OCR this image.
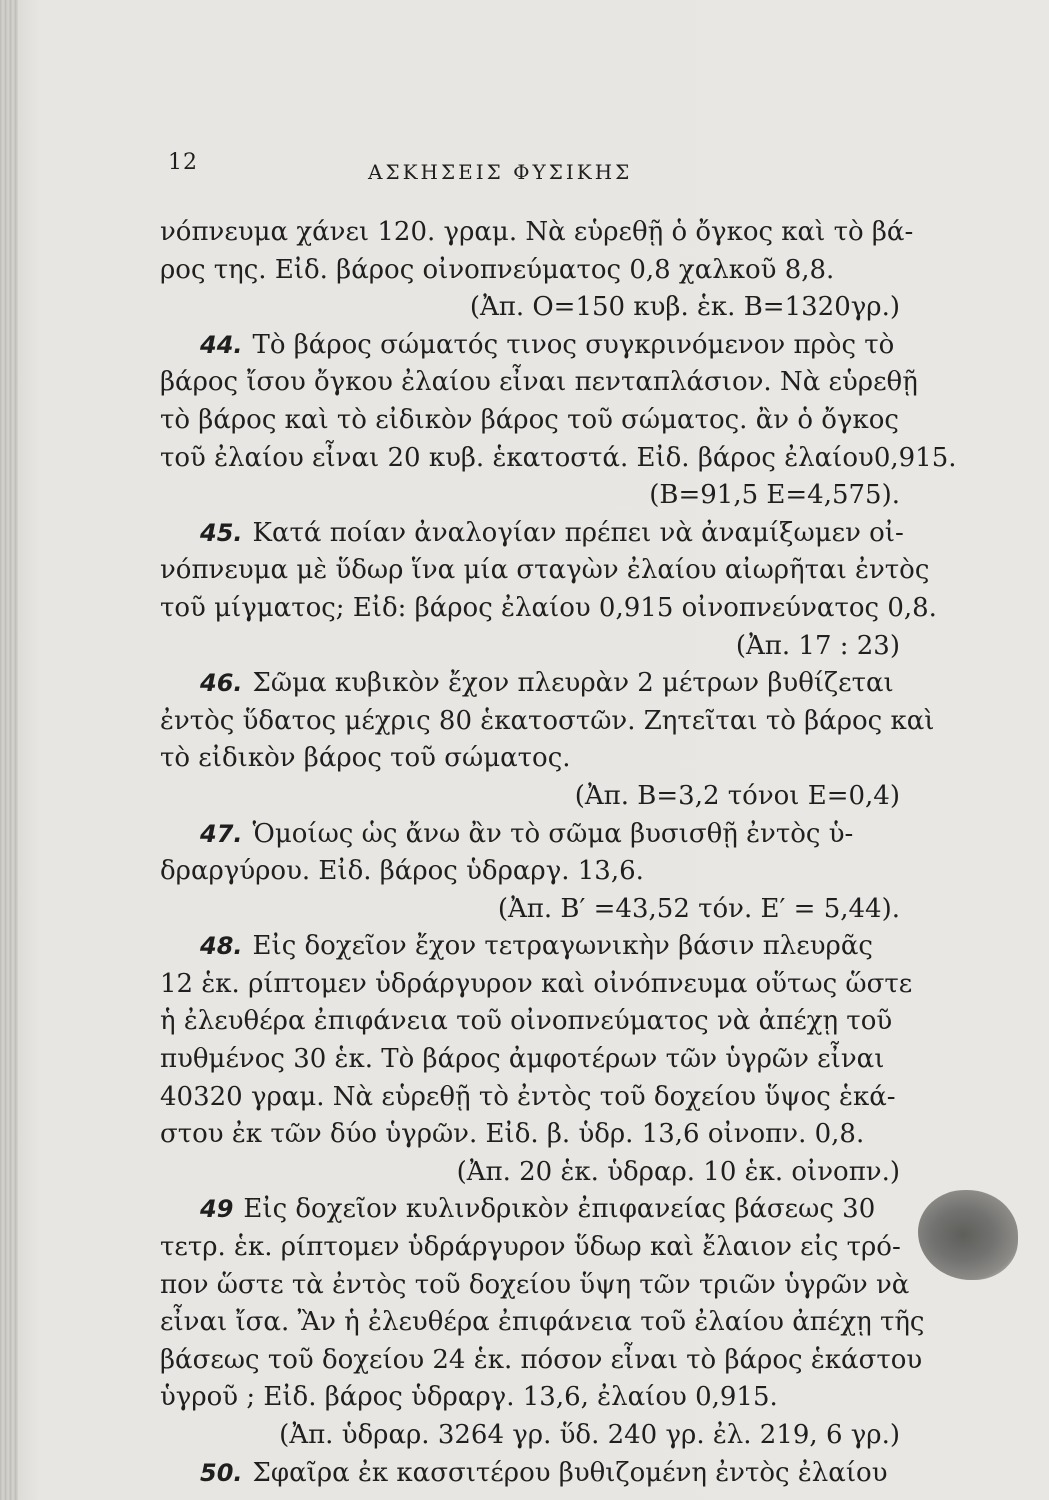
12	ΑΣΚΗΣΕΙΣ ΦΥΣΙΚΗΣ
νόπνευμα χάνει 120. γραμ. Νὰ εὑρεθῇ ὁ ὄγκος καὶ τὸ βά-
ρος της. Εἰδ. βάρος οἰνοπνεύματος 0,8 χαλκοῦ 8,8.
(Ἀπ. Ο=150 κυβ. ἑκ. Β=1320γρ.)
44. Τὸ βάρος σώματός τινος συγκρινόμενον πρὸς τὸ
βάρος ἴσου ὄγκου ἐλαίου εἶναι πενταπλάσιον. Νὰ εὑρεθῇ
τὸ βάρος καὶ τὸ εἰδικὸν βάρος τοῦ σώματος. ἂν ὁ ὄγκος
τοῦ ἐλαίου εἶναι 20 κυβ. ἑκατοστά. Εἰδ. βάρος ἐλαίου0,915.
(Β=91,5 Ε=4,575).
45. Κατά ποίαν ἀναλογίαν πρέπει νὰ ἀναμίξωμεν οἰ-
νόπνευμα μὲ ὕδωρ ἵνα μία σταγὼν ἐλαίου αἰωρῆται ἐντὸς
τοῦ μίγματος; Εἰδ: βάρος ἐλαίου 0,915 οἰνοπνεύνατος 0,8.
(Ἀπ. 17 : 23)
46. Σῶμα κυβικὸν ἔχον πλευρὰν 2 μέτρων βυθίζεται
ἐντὸς ὕδατος μέχρις 80 ἑκατοστῶν. Ζητεῖται τὸ βάρος καὶ
τὸ εἰδικὸν βάρος τοῦ σώματος.
(Ἀπ. Β=3,2 τόνοι Ε=0,4)
47. Ὁμοίως ὡς ἄνω ἂν τὸ σῶμα βυσισθῇ ἐντὸς ὑ-
δραργύρου. Εἰδ. βάρος ὑδραργ. 13,6.
(Ἀπ. Β′ =43,52 τόν. Ε′ = 5,44).
48. Εἰς δοχεῖον ἔχον τετραγωνικὴν βάσιν πλευρᾶς
12 ἑκ. ρίπτομεν ὑδράργυρον καὶ οἰνόπνευμα οὕτως ὥστε
ἡ ἐλευθέρα ἐπιφάνεια τοῦ οἰνοπνεύματος νὰ ἀπέχῃ τοῦ
πυθμένος 30 ἑκ. Τὸ βάρος ἀμφοτέρων τῶν ὑγρῶν εἶναι
40320 γραμ. Νὰ εὑρεθῇ τὸ ἐντὸς τοῦ δοχείου ὕψος ἑκά-
στου ἐκ τῶν δύο ὑγρῶν. Εἰδ. β. ὑδρ. 13,6 οἰνοπν. 0,8.
(Ἀπ. 20 ἑκ. ὑδραρ. 10 ἑκ. οἰνοπν.)
49 Εἰς δοχεῖον κυλινδρικὸν ἐπιφανείας βάσεως 30
τετρ. ἑκ. ρίπτομεν ὑδράργυρον ὕδωρ καὶ ἔλαιον εἰς τρό-
πον ὥστε τὰ ἐντὸς τοῦ δοχείου ὕψη τῶν τριῶν ὑγρῶν νὰ
εἶναι ἴσα. Ἂν ἡ ἐλευθέρα ἐπιφάνεια τοῦ ἐλαίου ἀπέχῃ τῆς
βάσεως τοῦ δοχείου 24 ἑκ. πόσον εἶναι τὸ βάρος ἑκάστου
ὑγροῦ ; Εἰδ. βάρος ὑδραργ. 13,6, ἐλαίου 0,915.
(Ἀπ. ὑδραρ. 3264 γρ. ὕδ. 240 γρ. ἐλ. 219, 6 γρ.)
50. Σφαῖρα ἐκ κασσιτέρου βυθιζομένη ἐντὸς ἐλαίου
